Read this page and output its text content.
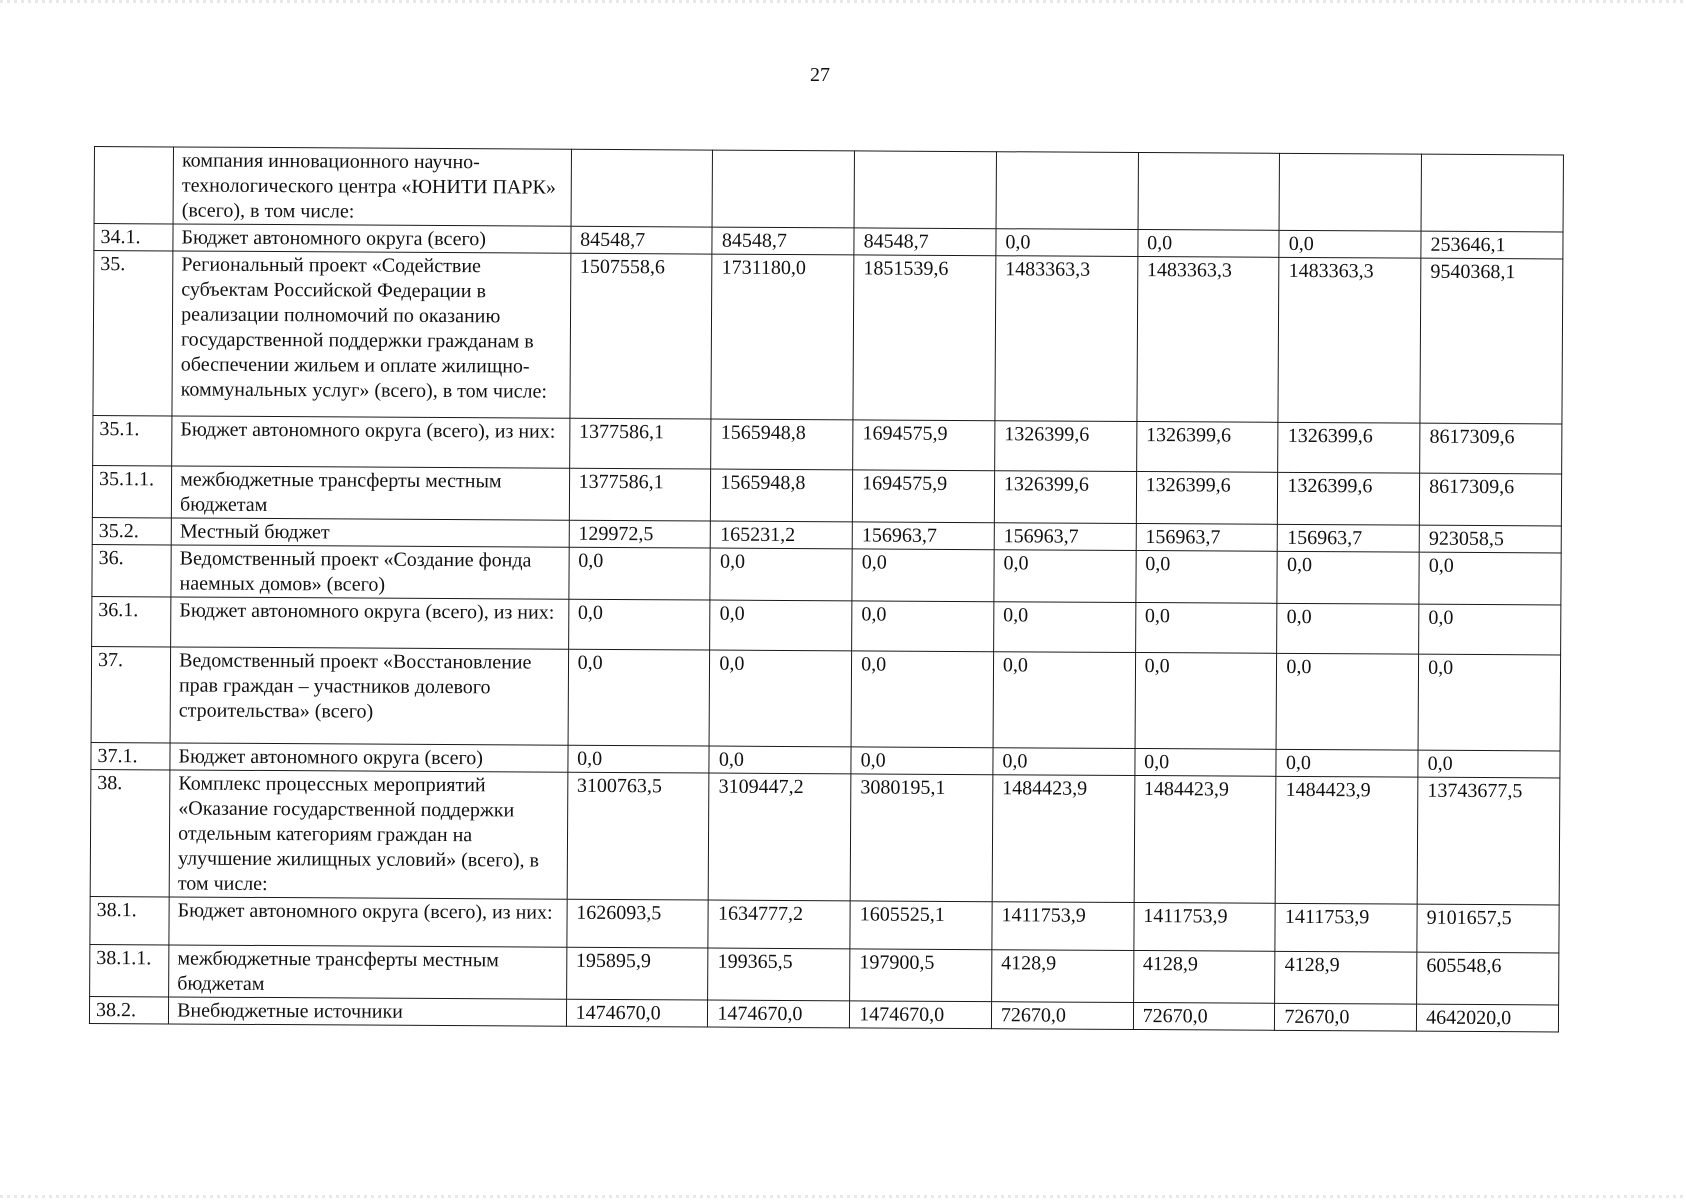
27
	компания инновационного научно-технологического центра «ЮНИТИ ПАРК» (всего), в том числе:							
34.1.	Бюджет автономного округа (всего)	84548,7	84548,7	84548,7	0,0	0,0	0,0	253646,1
35.	Региональный проект «Содействие субъектам Российской Федерации в реализации полномочий по оказанию государственной поддержки гражданам в обеспечении жильем и оплате жилищно-коммунальных услуг» (всего), в том числе:	1507558,6	1731180,0	1851539,6	1483363,3	1483363,3	1483363,3	9540368,1
35.1.	Бюджет автономного округа (всего), из них:	1377586,1	1565948,8	1694575,9	1326399,6	1326399,6	1326399,6	8617309,6
35.1.1.	межбюджетные трансферты местным бюджетам	1377586,1	1565948,8	1694575,9	1326399,6	1326399,6	1326399,6	8617309,6
35.2.	Местный бюджет	129972,5	165231,2	156963,7	156963,7	156963,7	156963,7	923058,5
36.	Ведомственный проект «Создание фонда наемных домов» (всего)	0,0	0,0	0,0	0,0	0,0	0,0	0,0
36.1.	Бюджет автономного округа (всего), из них:	0,0	0,0	0,0	0,0	0,0	0,0	0,0
37.	Ведомственный проект «Восстановление прав граждан – участников долевого строительства» (всего)	0,0	0,0	0,0	0,0	0,0	0,0	0,0
37.1.	Бюджет автономного округа (всего)	0,0	0,0	0,0	0,0	0,0	0,0	0,0
38.	Комплекс процессных мероприятий «Оказание государственной поддержки отдельным категориям граждан на улучшение жилищных условий» (всего), в том числе:	3100763,5	3109447,2	3080195,1	1484423,9	1484423,9	1484423,9	13743677,5
38.1.	Бюджет автономного округа (всего), из них:	1626093,5	1634777,2	1605525,1	1411753,9	1411753,9	1411753,9	9101657,5
38.1.1.	межбюджетные трансферты местным бюджетам	195895,9	199365,5	197900,5	4128,9	4128,9	4128,9	605548,6
38.2.	Внебюджетные источники	1474670,0	1474670,0	1474670,0	72670,0	72670,0	72670,0	4642020,0
